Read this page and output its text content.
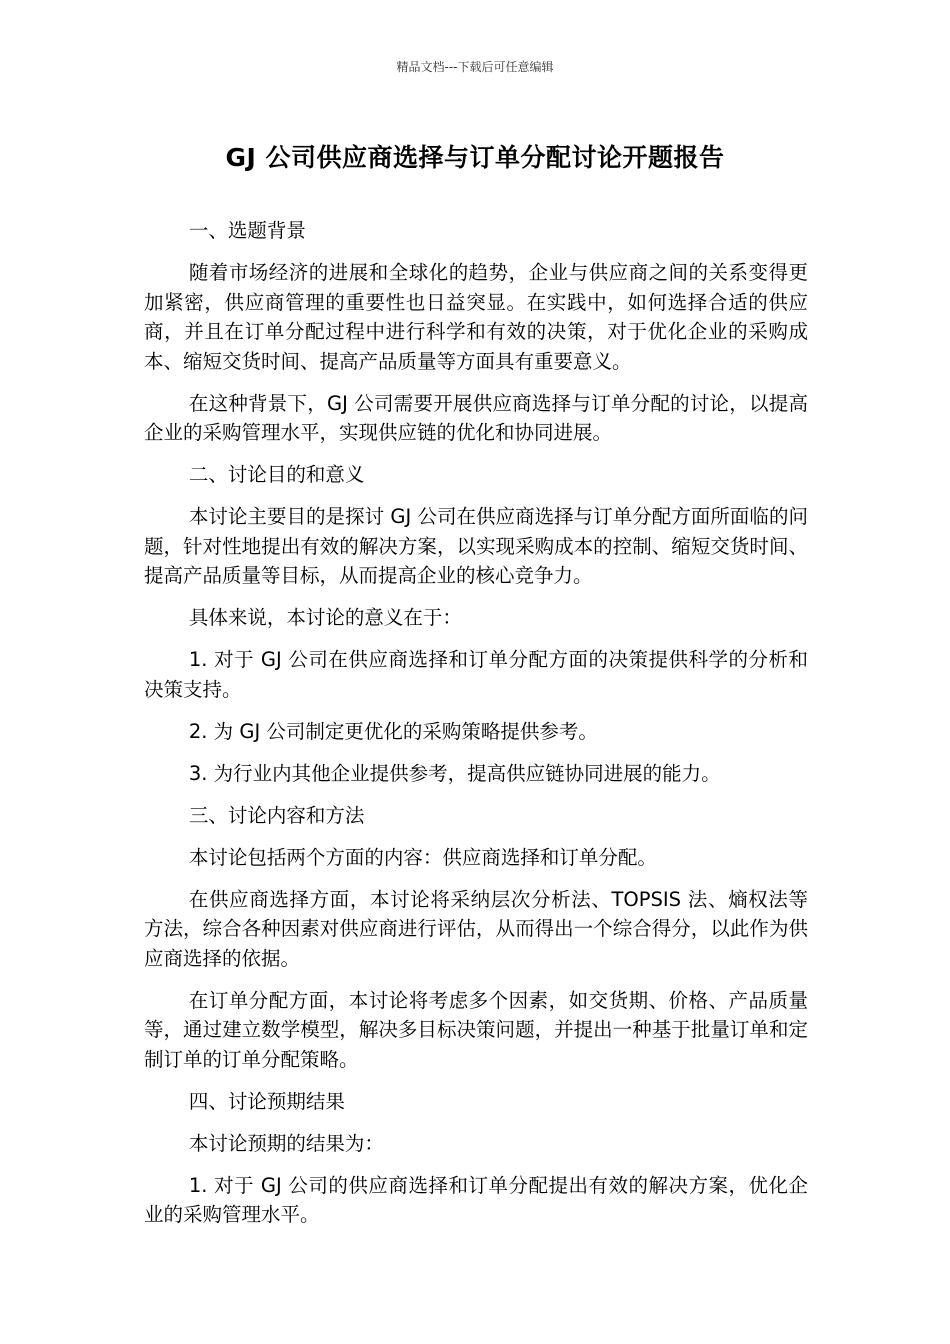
精品文档---下载后可任意编辑
GJ 公司供应商选择与订单分配讨论开题报告

一、选题背景

随着市场经济的进展和全球化的趋势，企业与供应商之间的关系变得更加紧密，供应商管理的重要性也日益突显。在实践中，如何选择合适的供应商，并且在订单分配过程中进行科学和有效的决策，对于优化企业的采购成本、缩短交货时间、提高产品质量等方面具有重要意义。

在这种背景下，GJ 公司需要开展供应商选择与订单分配的讨论，以提高企业的采购管理水平，实现供应链的优化和协同进展。

二、讨论目的和意义

本讨论主要目的是探讨 GJ 公司在供应商选择与订单分配方面所面临的问题，针对性地提出有效的解决方案，以实现采购成本的控制、缩短交货时间、提高产品质量等目标，从而提高企业的核心竞争力。

具体来说，本讨论的意义在于：

1. 对于 GJ 公司在供应商选择和订单分配方面的决策提供科学的分析和决策支持。

2. 为 GJ 公司制定更优化的采购策略提供参考。

3. 为行业内其他企业提供参考，提高供应链协同进展的能力。

三、讨论内容和方法

本讨论包括两个方面的内容：供应商选择和订单分配。

在供应商选择方面，本讨论将采纳层次分析法、TOPSIS 法、熵权法等方法，综合各种因素对供应商进行评估，从而得出一个综合得分，以此作为供应商选择的依据。

在订单分配方面，本讨论将考虑多个因素，如交货期、价格、产品质量等，通过建立数学模型，解决多目标决策问题，并提出一种基于批量订单和定制订单的订单分配策略。

四、讨论预期结果

本讨论预期的结果为：

1. 对于 GJ 公司的供应商选择和订单分配提出有效的解决方案，优化企业的采购管理水平。
